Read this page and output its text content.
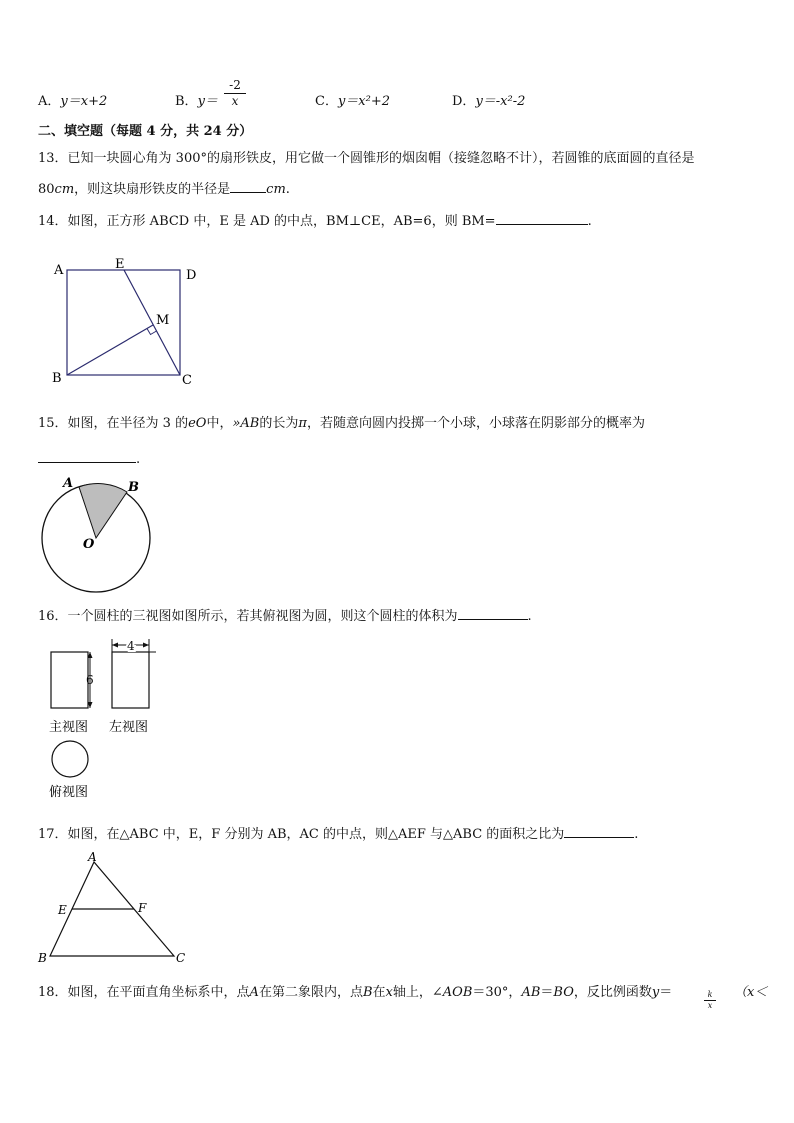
A．y＝x+2	B．$y= \frac{-2}{x}$	C．y＝x²+2	D．y＝-x²-2
二、填空题（每题 4 分，共 24 分）
13．已知一块圆心角为 300°的扇形铁皮，用它做一个圆锥形的烟囱帽（接缝忽略不计），若圆锥的底面圆的直径是
80cm，则这块扇形铁皮的半径是	cm.
14．如图，正方形 ABCD 中，E 是 AD 的中点，BM⊥CE，AB=6，则 BM=	.
A	E
D
M
B	C
15．如图，在半径为 3 的eO中，»AB的长为π，若随意向圆内投掷一个小球，小球落在阴影部分的概率为
.
A	B
O
16．一个圆柱的三视图如图所示，若其俯视图为圆，则这个圆柱的体积为	.
6
4
主视图 左视图
俯视图
17．如图，在△ABC 中，E，F 分别为 AB，AC 的中点，则△AEF 与△ABC 的面积之比为	.
A
E	F
B	C
18．如图，在平面直角坐标系中，点A在第二象限内，点B在x轴上，∠AOB＝30°，AB＝BO，反比例函数y＝	$\frac{k}{x} (x<$
